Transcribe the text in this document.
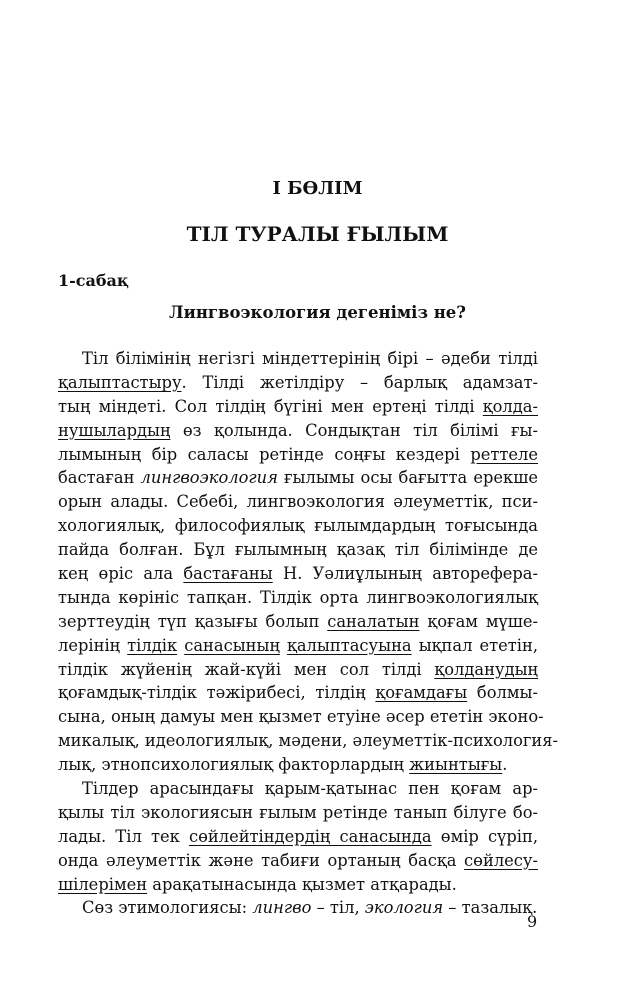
І БӨЛІМ
ТІЛ ТУРАЛЫ ҒЫЛЫМ
1-сабақ
Лингвоэкология дегеніміз не?
Тіл білімінің негізгі міндеттерінің бірі – әдеби тілді
қалыптастыру. Тілді жетілдіру – барлық адамзат-
тың міндеті. Сол тілдің бүгіні мен ертеңі тілді қолда-
нушылардың өз қолында. Сондықтан тіл білімі ғы-
лымының бір саласы ретінде соңғы кездері реттеле
бастаған лингвоэкология ғылымы осы бағытта ерекше
орын алады. Себебі, лингвоэкология әлеуметтік, пси-
хологиялық, философиялық ғылымдардың тоғысында
пайда болған. Бұл ғылымның қазақ тіл білімінде де
кең өріс ала бастағаны Н. Уәлиұлының авторефера-
тында көрініс тапқан. Тілдік орта лингвоэкологиялық
зерттеудің түп қазығы болып саналатын қоғам мүше-
лерінің тілдік санасының қалыптасуына ықпал ететін,
тілдік жүйенің жай-күйі мен сол тілді қолданудың
қоғамдық-тілдік тәжірибесі, тілдің қоғамдағы болмы-
сына, оның дамуы мен қызмет етуіне әсер ететін эконо-
микалық, идеологиялық, мәдени, әлеуметтік-психология-
лық, этнопсихологиялық факторлардың жиынтығы.
Тілдер арасындағы қарым-қатынас пен қоғам ар-
қылы тіл экологиясын ғылым ретінде танып білуге бо-
лады. Тіл тек сөйлейтіндердің санасында өмір сүріп,
онда әлеуметтік және табиғи ортаның басқа сөйлесу-
шілерімен арақатынасында қызмет атқарады.
Сөз этимологиясы: лингво – тіл, экология – тазалық.
9
